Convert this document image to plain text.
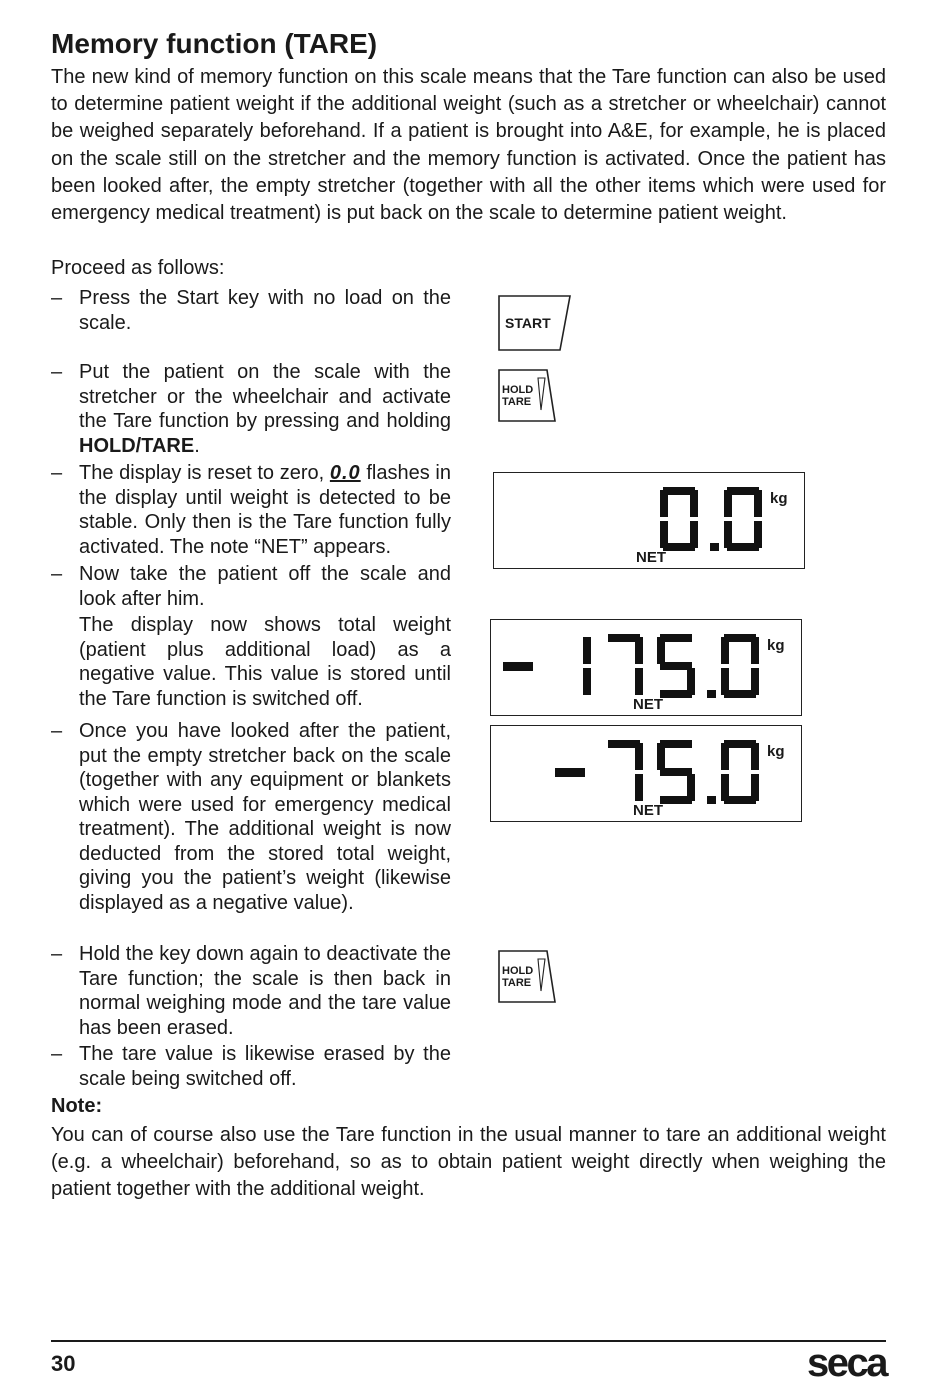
Memory function (TARE)

The new kind of memory function on this scale means that the Tare function can also be used to determine patient weight if the additional weight (such as a stretcher or wheelchair) cannot be weighed separately beforehand. If a patient is brought into A&E, for example, he is placed on the scale still on the stretcher and the memory function is activated. Once the patient has been looked after, the empty stretcher (together with all the other items which were used for emergency medical treatment) is put back on the scale to determine patient weight.

Proceed as follows:

– Press the Start key with no load on the scale.

– Put the patient on the scale with the stretcher or the wheelchair and activate the Tare function by pressing and holding HOLD/TARE.

– The display is reset to zero, 0.0 flashes in the display until weight is detected to be stable. Only then is the Tare function fully activated. The note “NET” appears.

– Now take the patient off the scale and look after him.

The display now shows total weight (patient plus additional load) as a negative value. This value is stored until the Tare function is switched off.

– Once you have looked after the patient, put the empty stretcher back on the scale (together with any equipment or blankets which were used for emergency medical treatment). The additional weight is now deducted from the stored total weight, giving you the patient’s weight (likewise displayed as a negative value).

– Hold the key down again to deactivate the Tare function; the scale is then back in normal weighing mode and the tare value has been erased.

– The tare value is likewise erased by the scale being switched off.

START
HOLD
TARE
HOLD
TARE
kg
NET
kg
NET
kg
NET

Note:

You can of course also use the Tare function in the usual manner to tare an additional weight (e.g. a wheelchair) beforehand, so as to obtain patient weight directly when weighing the patient together with the additional weight.

30	seca
